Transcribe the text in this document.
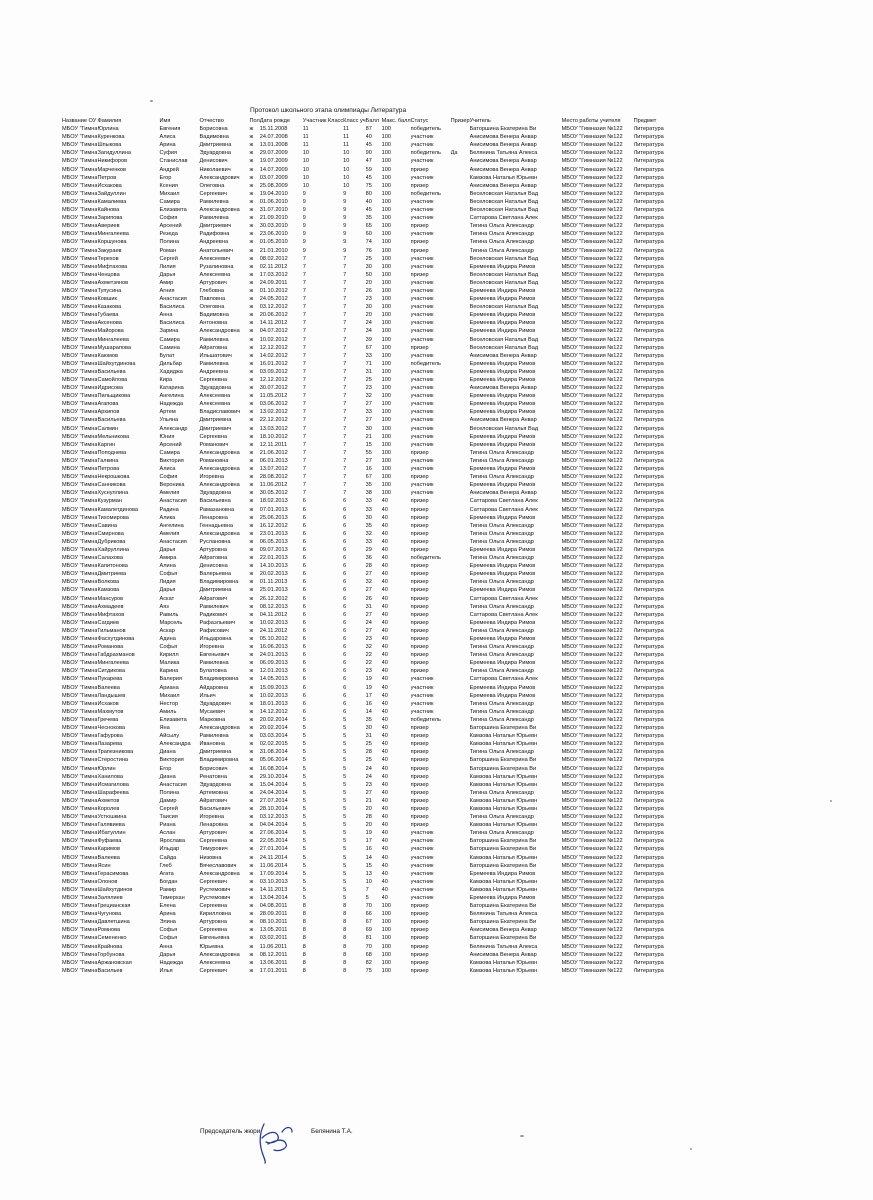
Протокол школьного этапа олимпиады Литература
Название ОУ	Фамилия	Имя	Отчество	Пол	Дата рожде	Участник Класс	Класс уч	Балл	Макс. балл	Статус	Призер	Учитель	Место работы учителя	Предмет
МБОУ "Гимна	Юрлина	Евгения	Борисовна	ж	15.11.2008	11	11	87	100	победитель		Баторшина Екатерина Ви	МБОУ "Гимназия №122	Литература
МБОУ "Гимна	Куренкова	Алиса	Вадимовна	ж	24.07.2008	11	11	40	100	участник		Анисимова Венера Анвар	МБОУ "Гимназия №122	Литература
МБОУ "Гимна	Шпыкова	Арина	Дмитриевна	ж	13.01.2008	11	11	45	100	участник		Анисимова Венера Анвар	МБОУ "Гимназия №122	Литература
МБОУ "Гимна	Загидуллина	Суфия	Эдуардовна	ж	29.07.2009	10	10	90	100	победитель	Да	Белянина Татьяна Алекса	МБОУ "Гимназия №122	Литература
МБОУ "Гимна	Никифоров	Станислав	Денисович	ж	19.07.2009	10	10	47	100	участник		Анисимова Венера Анвар	МБОУ "Гимназия №122	Литература
МБОУ "Гимна	Марченков	Андрей	Николаевич	ж	14.07.2009	10	10	59	100	призер		Анисимова Венера Анвар	МБОУ "Гимназия №122	Литература
МБОУ "Гимна	Петров	Егор	Александрович	ж	03.07.2009	10	10	45	100	участник		Камзова Наталья Юрьевн	МБОУ "Гимназия №122	Литература
МБОУ "Гимна	Исхакова	Ксения	Олеговна	ж	25.08.2009	10	10	75	100	призер		Анисимова Венера Анвар	МБОУ "Гимназия №122	Литература
МБОУ "Гимна	Зайдуллин	Михаил	Сергеевич	ж	19.04.2010	9	9	80	100	победитель		Веселовская Наталья Вад	МБОУ "Гимназия №122	Литература
МБОУ "Гимна	Камалиева	Самира	Рамилевна	ж	01.06.2010	9	9	40	100	участник		Веселовская Наталья Вад	МБОУ "Гимназия №122	Литература
МБОУ "Гимна	Кайнова	Елизавета	Александровна	ж	31.07.2010	9	9	45	100	участник		Веселовская Наталья Вад	МБОУ "Гимназия №122	Литература
МБОУ "Гимна	Зарипова	София	Рамилевна	ж	21.09.2010	9	9	35	100	участник		Саттарова Светлана Алек	МБОУ "Гимназия №122	Литература
МБОУ "Гимна	Авериев	Арсений	Дмитриевич	ж	30.03.2010	9	9	65	100	призер		Тигина Ольга Александр	МБОУ "Гимназия №122	Литература
МБОУ "Гимна	Мингалеева	Резеда	Радифовна	ж	23.06.2010	9	9	60	100	участник		Тигина Ольга Александр	МБОУ "Гимназия №122	Литература
МБОУ "Гимна	Коршунова	Полина	Андреевна	ж	01.05.2010	9	9	74	100	призер		Тигина Ольга Александр	МБОУ "Гимназия №122	Литература
МБОУ "Гимна	Закураев	Роман	Анатольевич	ж	21.01.2010	9	9	76	100	призер		Тигина Ольга Александр	МБОУ "Гимназия №122	Литература
МБОУ "Гимна	Терехов	Сергей	Алексеевич	ж	08.02.2012	7	7	25	100	участник		Веселовская Наталья Вад	МБОУ "Гимназия №122	Литература
МБОУ "Гимна	Мифтахова	Лилия	Рузалиновна	ж	02.11.2012	7	7	30	100	участник		Еремеева Индира Римов	МБОУ "Гимназия №122	Литература
МБОУ "Гимна	Ченцова	Дарья	Алексеевна	ж	17.03.2012	7	7	50	100	призер		Веселовская Наталья Вад	МБОУ "Гимназия №122	Литература
МБОУ "Гимна	Ахметзянов	Амир	Артурович	ж	24.09.2011	7	7	20	100	участник		Веселовская Наталья Вад	МБОУ "Гимназия №122	Литература
МБОУ "Гимна	Тупусина	Агния	Глебовна	ж	01.10.2012	7	7	26	100	участник		Еремеева Индира Римов	МБОУ "Гимназия №122	Литература
МБОУ "Гимна	Ковшик	Анастасия	Павловна	ж	24.05.2012	7	7	23	100	участник		Еремеева Индира Римов	МБОУ "Гимназия №122	Литература
МБОУ "Гимна	Казакова	Василиса	Олеговна	ж	03.12.2012	7	7	30	100	участник		Веселовская Наталья Вад	МБОУ "Гимназия №122	Литература
МБОУ "Гимна	Губаева	Анна	Вадимовна	ж	20.06.2012	7	7	20	100	участник		Еремеева Индира Римов	МБОУ "Гимназия №122	Литература
МБОУ "Гимна	Аксенова	Василиса	Антоновна	ж	14.11.2012	7	7	24	100	участник		Еремеева Индира Римов	МБОУ "Гимназия №122	Литература
МБОУ "Гимна	Майорова	Зарина	Александровна	ж	04.07.2012	7	7	34	100	участник		Еремеева Индира Римов	МБОУ "Гимназия №122	Литература
МБОУ "Гимна	Мингалеева	Самира	Рамилевна	ж	10.02.2012	7	7	39	100	участник		Веселовская Наталья Вад	МБОУ "Гимназия №122	Литература
МБОУ "Гимна	Мушарапова	Самина	Айратовна	ж	12.12.2012	7	7	67	100	призер		Веселовская Наталья Вад	МБОУ "Гимназия №122	Литература
МБОУ "Гимна	Каюмов	Булат	Ильшатович	ж	14.02.2012	7	7	33	100	участник		Анисимова Венера Анвар	МБОУ "Гимназия №122	Литература
МБОУ "Гимна	Шайхутдинова	Дильбар	Рамилевна	ж	16.01.2012	7	7	71	100	победитель		Еремеева Индира Римов	МБОУ "Гимназия №122	Литература
МБОУ "Гимна	Васильева	Хадиджа	Андреевна	ж	03.09.2012	7	7	31	100	участник		Еремеева Индира Римов	МБОУ "Гимназия №122	Литература
МБОУ "Гимна	Самойлова	Кира	Сергеевна	ж	12.12.2012	7	7	25	100	участник		Еремеева Индира Римов	МБОУ "Гимназия №122	Литература
МБОУ "Гимна	Идрисова	Катарина	Эдуардовна	ж	30.07.2012	7	7	23	100	участник		Анисимова Венера Анвар	МБОУ "Гимназия №122	Литература
МБОУ "Гимна	Пильщикова	Ангелина	Алексеевна	ж	11.05.2012	7	7	32	100	участник		Еремеева Индира Римов	МБОУ "Гимназия №122	Литература
МБОУ "Гимна	Агапова	Надежда	Алексеевна	ж	03.06.2012	7	7	27	100	участник		Еремеева Индира Римов	МБОУ "Гимназия №122	Литература
МБОУ "Гимна	Архипов	Артем	Владиславович	ж	13.02.2012	7	7	33	100	участник		Еремеева Индира Римов	МБОУ "Гимназия №122	Литература
МБОУ "Гимна	Васильева	Ульяна	Дмитриевна	ж	22.12.2012	7	7	27	100	участник		Анисимова Венера Анвар	МБОУ "Гимназия №122	Литература
МБОУ "Гимна	Салмин	Александр	Дмитриевич	ж	13.03.2012	7	7	30	100	участник		Веселовская Наталья Вад	МБОУ "Гимназия №122	Литература
МБОУ "Гимна	Мельникова	Юния	Сергеевна	ж	18.10.2012	7	7	21	100	участник		Еремеева Индира Римов	МБОУ "Гимназия №122	Литература
МБОУ "Гимна	Каргин	Арсений	Романович	ж	12.11.2011	7	7	15	100	участник		Еремеева Индира Римов	МБОУ "Гимназия №122	Литература
МБОУ "Гимна	Поподнева	Самира	Александровна	ж	21.06.2012	7	7	55	100	призер		Тигина Ольга Александр	МБОУ "Гимназия №122	Литература
МБОУ "Гимна	Галкина	Виктория	Романовна	ж	06.01.2013	7	7	27	100	участник		Тигина Ольга Александр	МБОУ "Гимназия №122	Литература
МБОУ "Гимна	Петрова	Алиса	Александровна	ж	13.07.2012	7	7	16	100	участник		Еремеева Индира Римов	МБОУ "Гимназия №122	Литература
МБОУ "Гимна	Некрошкова	София	Игоревна	ж	28.08.2012	7	7	67	100	призер		Тигина Ольга Александр	МБОУ "Гимназия №122	Литература
МБОУ "Гимна	Санникова	Вероника	Александровна	ж	11.06.2012	7	7	35	100	участник		Еремеева Индира Римов	МБОУ "Гимназия №122	Литература
МБОУ "Гимна	Хуснуллина	Амелия	Эдуардовна	ж	30.05.2012	7	7	38	100	участник		Анисимова Венера Анвар	МБОУ "Гимназия №122	Литература
МБОУ "Гимна	Кузурман	Анастасия	Васильевна	ж	18.02.2013	6	6	33	40	призер		Саттарова Светлана Алек	МБОУ "Гимназия №122	Литература
МБОУ "Гимна	Камалетдинова	Радина	Рамазановна	ж	07.01.2013	6	6	33	40	призер		Саттарова Светлана Алек	МБОУ "Гимназия №122	Литература
МБОУ "Гимна	Тихомирова	Алика	Ленаровна	ж	25.06.2013	6	6	30	40	призер		Еремеева Индира Римов	МБОУ "Гимназия №122	Литература
МБОУ "Гимна	Савина	Ангелина	Геннадьевна	ж	16.12.2012	6	6	35	40	призер		Тигина Ольга Александр	МБОУ "Гимназия №122	Литература
МБОУ "Гимна	Смирнова	Амелия	Александровна	ж	23.01.2013	6	6	32	40	призер		Тигина Ольга Александр	МБОУ "Гимназия №122	Литература
МБОУ "Гимна	Дубрикова	Анастасия	Руслановна	ж	06.05.2013	6	6	33	40	призер		Тигина Ольга Александр	МБОУ "Гимназия №122	Литература
МБОУ "Гимна	Хайруллина	Дарья	Артуровна	ж	09.07.2013	6	6	29	40	призер		Еремеева Индира Римов	МБОУ "Гимназия №122	Литература
МБОУ "Гимна	Салахова	Амира	Айратовна	ж	22.01.2013	6	6	36	40	победитель		Тигина Ольга Александр	МБОУ "Гимназия №122	Литература
МБОУ "Гимна	Капитонова	Алина	Денисовна	ж	14.10.2013	6	6	28	40	призер		Еремеева Индира Римов	МБОУ "Гимназия №122	Литература
МБОУ "Гимна	Дмитриева	Софья	Валерьевна	ж	20.02.2013	6	6	27	40	призер		Еремеева Индира Римов	МБОУ "Гимназия №122	Литература
МБОУ "Гимна	Волкова	Лидия	Владимировна	ж	01.11.2013	6	6	32	40	призер		Тигина Ольга Александр	МБОУ "Гимназия №122	Литература
МБОУ "Гимна	Камзова	Дарья	Дмитриевна	ж	25.01.2013	6	6	27	40	призер		Еремеева Индира Римов	МБОУ "Гимназия №122	Литература
МБОУ "Гимна	Мансуров	Аскат	Айратович	ж	26.12.2012	6	6	26	40	призер		Саттарова Светлана Алек	МБОУ "Гимназия №122	Литература
МБОУ "Гимна	Ахмадеев	Аяз	Рамилевич	ж	08.12.2013	6	6	31	40	призер		Тигина Ольга Александр	МБОУ "Гимназия №122	Литература
МБОУ "Гимна	Мифтахов	Равиль	Радикович	ж	04.11.2012	6	6	27	40	призер		Саттарова Светлана Алек	МБОУ "Гимназия №122	Литература
МБОУ "Гимна	Сагдиев	Марсель	Рафаэльевич	ж	10.02.2013	6	6	24	40	призер		Еремеева Индира Римов	МБОУ "Гимназия №122	Литература
МБОУ "Гимна	Гильманов	Аскар	Рафисович	ж	24.11.2012	6	6	27	40	призер		Тигина Ольга Александр	МБОУ "Гимназия №122	Литература
МБОУ "Гимна	Фасхутдинова	Адина	Ильдаровна	ж	05.10.2012	6	6	23	40	призер		Еремеева Индира Римов	МБОУ "Гимназия №122	Литература
МБОУ "Гимна	Романова	Софья	Игоревна	ж	16.06.2013	6	6	32	40	призер		Тигина Ольга Александр	МБОУ "Гимназия №122	Литература
МБОУ "Гимна	Габдрахманов	Кирилл	Евгеньевич	ж	24.01.2013	6	6	22	40	призер		Тигина Ольга Александр	МБОУ "Гимназия №122	Литература
МБОУ "Гимна	Мингалеева	Малика	Рамилевна	ж	06.09.2013	6	6	22	40	призер		Еремеева Индира Римов	МБОУ "Гимназия №122	Литература
МБОУ "Гимна	Ситдикова	Карина	Булатовна	ж	12.01.2013	6	6	23	40	призер		Тигина Ольга Александр	МБОУ "Гимназия №122	Литература
МБОУ "Гимна	Пукарева	Валерия	Владимировна	ж	14.05.2013	6	6	19	40	участник		Саттарова Светлана Алек	МБОУ "Гимназия №122	Литература
МБОУ "Гимна	Валеева	Ариана	Айдаровна	ж	15.09.2013	6	6	19	40	участник		Еремеева Индира Римов	МБОУ "Гимназия №122	Литература
МБОУ "Гимна	Ландышев	Михаил	Ильич	ж	10.02.2013	6	6	17	40	участник		Еремеева Индира Римов	МБОУ "Гимназия №122	Литература
МБОУ "Гимна	Исхаков	Нестор	Эдуардович	ж	18.01.2013	6	6	16	40	участник		Тигина Ольга Александр	МБОУ "Гимназия №122	Литература
МБОУ "Гимна	Махмутов	Амиль	Мусаевич	ж	14.12.2012	6	6	14	40	участник		Тигина Ольга Александр	МБОУ "Гимназия №122	Литература
МБОУ "Гимна	Гречева	Елизавета	Марковна	ж	20.02.2014	5	5	35	40	победитель		Тигина Ольга Александр	МБОУ "Гимназия №122	Литература
МБОУ "Гимна	Чеснокова	Яна	Александровна	ж	20.02.2014	5	5	30	40	призер		Баторшина Екатерина Ви	МБОУ "Гимназия №122	Литература
МБОУ "Гимна	Гафурова	Айсылу	Рамилевна	ж	03.03.2014	5	5	31	40	призер		Камзова Наталья Юрьевн	МБОУ "Гимназия №122	Литература
МБОУ "Гимна	Лазарева	Александра	Ивановна	ж	02.02.2015	5	5	25	40	призер		Камзова Наталья Юрьевн	МБОУ "Гимназия №122	Литература
МБОУ "Гимна	Трапезникова	Диана	Дмитриевна	ж	31.08.2014	5	5	28	40	призер		Тигина Ольга Александр	МБОУ "Гимназия №122	Литература
МБОУ "Гимна	Стеростина	Виктория	Владимировна	ж	05.06.2014	5	5	25	40	призер		Баторшина Екатерина Ви	МБОУ "Гимназия №122	Литература
МБОУ "Гимна	Юрлин	Егор	Борисович	ж	16.08.2014	5	5	24	40	призер		Баторшина Екатерина Ви	МБОУ "Гимназия №122	Литература
МБОУ "Гимна	Ханилова	Диана	Ренатовна	ж	29.10.2014	5	5	24	40	призер		Камзова Наталья Юрьевн	МБОУ "Гимназия №122	Литература
МБОУ "Гимна	Исмагилова	Анастасия	Эдуардовна	ж	15.04.2014	5	5	23	40	призер		Камзова Наталья Юрьевн	МБОУ "Гимназия №122	Литература
МБОУ "Гимна	Шарафеева	Полина	Артемовна	ж	24.04.2014	5	5	27	40	призер		Тигина Ольга Александр	МБОУ "Гимназия №122	Литература
МБОУ "Гимна	Ахметов	Дамир	Айратович	ж	27.07.2014	5	5	21	40	призер		Камзова Наталья Юрьевн	МБОУ "Гимназия №122	Литература
МБОУ "Гимна	Королев	Сергей	Васильевич	ж	28.10.2014	5	5	20	40	призер		Камзова Наталья Юрьевн	МБОУ "Гимназия №122	Литература
МБОУ "Гимна	Устюшкина	Таисия	Игоревна	ж	03.12.2013	5	5	28	40	призер		Тигина Ольга Александр	МБОУ "Гимназия №122	Литература
МБОУ "Гимна	Галявиева	Риана	Ленаровна	ж	04.04.2014	5	5	20	40	призер		Камзова Наталья Юрьевн	МБОУ "Гимназия №122	Литература
МБОУ "Гимна	Ибатуллин	Аслан	Артурович	ж	27.06.2014	5	5	19	40	участник		Тигина Ольга Александр	МБОУ "Гимназия №122	Литература
МБОУ "Гимна	Фуфаева	Ярослава	Сергеевна	ж	22.05.2014	5	5	17	40	участник		Баторшина Екатерина Ви	МБОУ "Гимназия №122	Литература
МБОУ "Гимна	Каримов	Ильдар	Тимурович	ж	27.01.2014	5	5	16	40	участник		Баторшина Екатерина Ви	МБОУ "Гимназия №122	Литература
МБОУ "Гимна	Валеева	Сайда	Низовна	ж	24.11.2014	5	5	14	40	участник		Камзова Наталья Юрьевн	МБОУ "Гимназия №122	Литература
МБОУ "Гимна	Ясин	Глеб	Вячеславович	ж	11.06.2014	5	5	15	40	участник		Баторшина Екатерина Ви	МБОУ "Гимназия №122	Литература
МБОУ "Гимна	Герасимова	Агата	Александровна	ж	17.09.2014	5	5	13	40	участник		Еремеева Индира Римов	МБОУ "Гимназия №122	Литература
МБОУ "Гимна	Олонов	Богдан	Сергеевич	ж	03.10.2013	5	5	10	40	участник		Камзова Наталья Юрьевн	МБОУ "Гимназия №122	Литература
МБОУ "Гимна	Шайхутдинов	Рамир	Рустемович	ж	14.11.2013	5	5	7	40	участник		Камзова Наталья Юрьевн	МБОУ "Гимназия №122	Литература
МБОУ "Гимна	Залялиев	Тимерхан	Рустемович	ж	13.04.2014	5	5	5	40	участник		Еремеева Индира Римов	МБОУ "Гимназия №122	Литература
МБОУ "Гимна	Грецианская	Елена	Сергеевна	ж	04.08.2011	8	8	70	100	призер		Баторшина Екатерина Ви	МБОУ "Гимназия №122	Литература
МБОУ "Гимна	Чугунова	Арина	Кирилловна	ж	28.09.2011	8	8	66	100	призер		Белянина Татьяна Алекса	МБОУ "Гимназия №122	Литература
МБОУ "Гимна	Давлетшина	Элина	Артуровна	ж	08.10.2011	8	8	67	100	призер		Баторшина Екатерина Ви	МБОУ "Гимназия №122	Литература
МБОУ "Гимна	Ромнова	Софья	Сергеевна	ж	13.05.2011	8	8	69	100	призер		Анисимова Венера Анвар	МБОУ "Гимназия №122	Литература
МБОУ "Гимна	Семененко	Софья	Евгеньевна	ж	03.02.2011	8	8	81	100	призер		Баторшина Екатерина Ви	МБОУ "Гимназия №122	Литература
МБОУ "Гимна	Крайнова	Анна	Юрьевна	ж	11.06.2011	8	8	70	100	призер		Белянина Татьяна Алекса	МБОУ "Гимназия №122	Литература
МБОУ "Гимна	Горбунова	Дарья	Александровна	ж	08.12.2011	8	8	68	100	призер		Анисимова Венера Анвар	МБОУ "Гимназия №122	Литература
МБОУ "Гимна	Аржановская	Надежда	Алексеевна	ж	13.06.2011	8	8	82	100	призер		Камзова Наталья Юрьевн	МБОУ "Гимназия №122	Литература
МБОУ "Гимна	Васильев	Илья	Сергеевич	ж	17.01.2011	8	8	75	100	призер		Камзова Наталья Юрьевн	МБОУ "Гимназия №122	Литература
Председатель жюри	Белянина Т.А.
